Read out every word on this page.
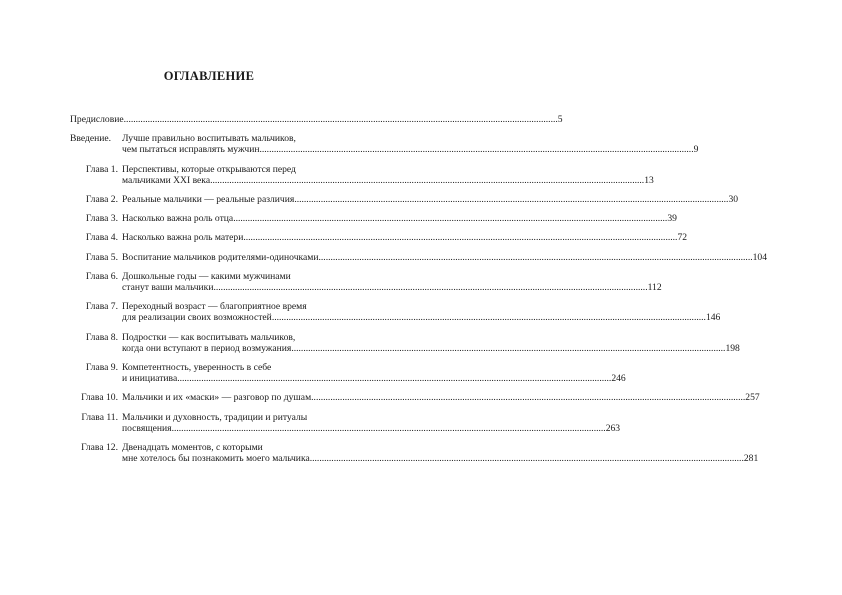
ОГЛАВЛЕНИЕ
Предисловие .....	5
Введение.	Лучше правильно воспитывать мальчиков,
чем пытаться исправлять мужчин .....	9
Глава 1. Перспективы, которые открываются перед
мальчиками XXI века .....	13
Глава 2. Реальные мальчики — реальные различия .....	30
Глава 3. Насколько важна роль отца .....	39
Глава 4. Насколько важна роль матери .....	72
Глава 5. Воспитание мальчиков родителями-одиночками .....	104
Глава 6. Дошкольные годы — какими мужчинами
станут ваши мальчики .....	112
Глава 7. Переходный возраст — благоприятное время
для реализации своих возможностей .....	146
Глава 8. Подростки — как воспитывать мальчиков,
когда они вступают в период возмужания .....	198
Глава 9. Компетентность, уверенность в себе
и инициатива .....	246
Глава 10. Мальчики и их «маски» — разговор по душам .....	257
Глава 11. Мальчики и духовность, традиции и ритуалы
посвящения .....	263
Глава 12. Двенадцать моментов, с которыми
мне хотелось бы познакомить моего мальчика .....	281
